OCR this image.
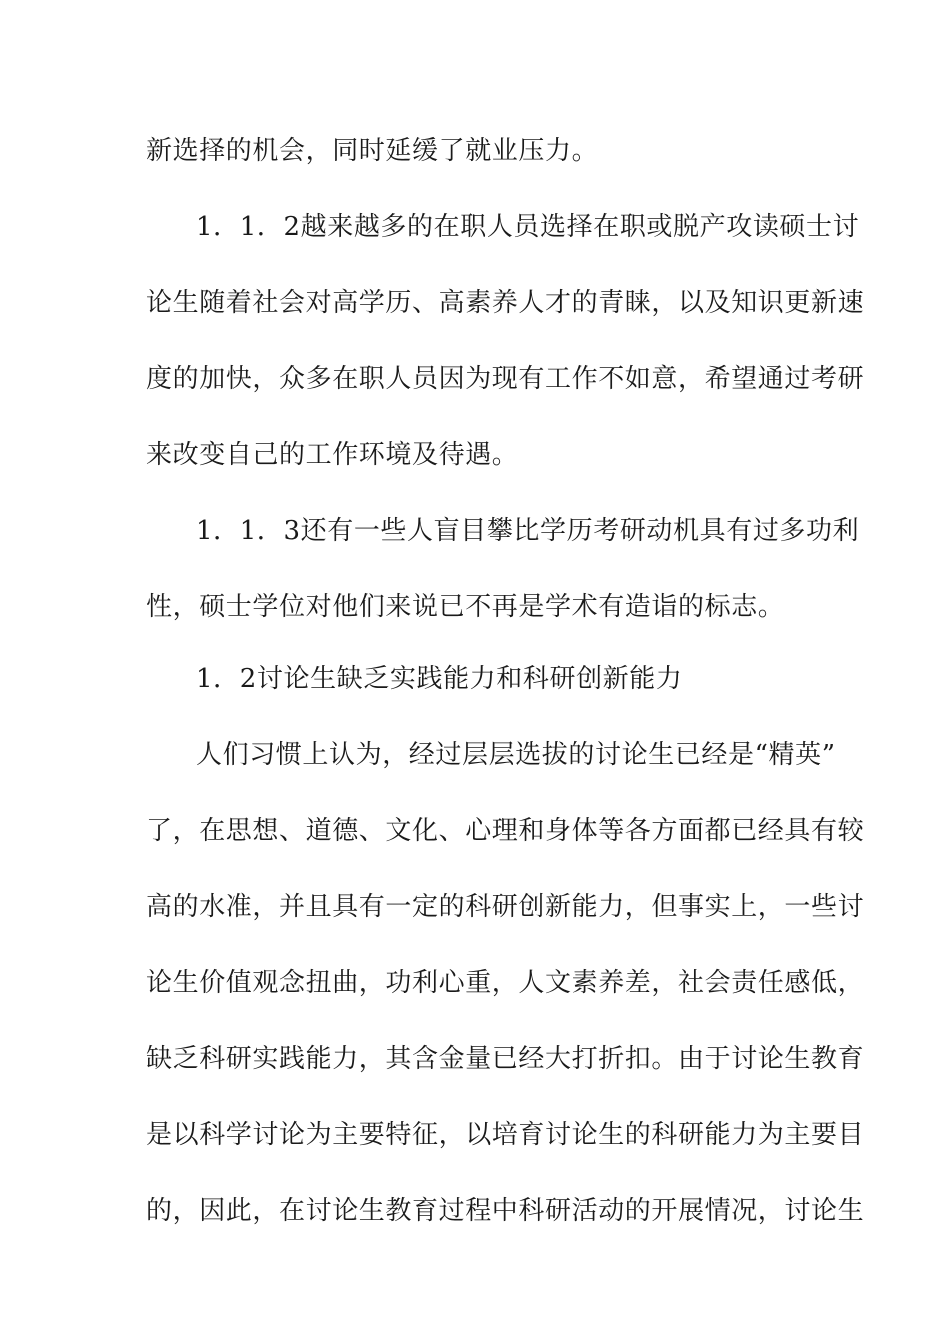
新选择的机会，同时延缓了就业压力。
1．1．2越来越多的在职人员选择在职或脱产攻读硕士讨
论生随着社会对高学历、高素养人才的青睐，以及知识更新速
度的加快，众多在职人员因为现有工作不如意，希望通过考研
来改变自己的工作环境及待遇。
1．1．3还有一些人盲目攀比学历考研动机具有过多功利
性，硕士学位对他们来说已不再是学术有造诣的标志。
1．2讨论生缺乏实践能力和科研创新能力
人们习惯上认为，经过层层选拔的讨论生已经是“精英”
了，在思想、道德、文化、心理和身体等各方面都已经具有较
高的水准，并且具有一定的科研创新能力，但事实上，一些讨
论生价值观念扭曲，功利心重，人文素养差，社会责任感低，
缺乏科研实践能力，其含金量已经大打折扣。由于讨论生教育
是以科学讨论为主要特征，以培育讨论生的科研能力为主要目
的，因此，在讨论生教育过程中科研活动的开展情况，讨论生
